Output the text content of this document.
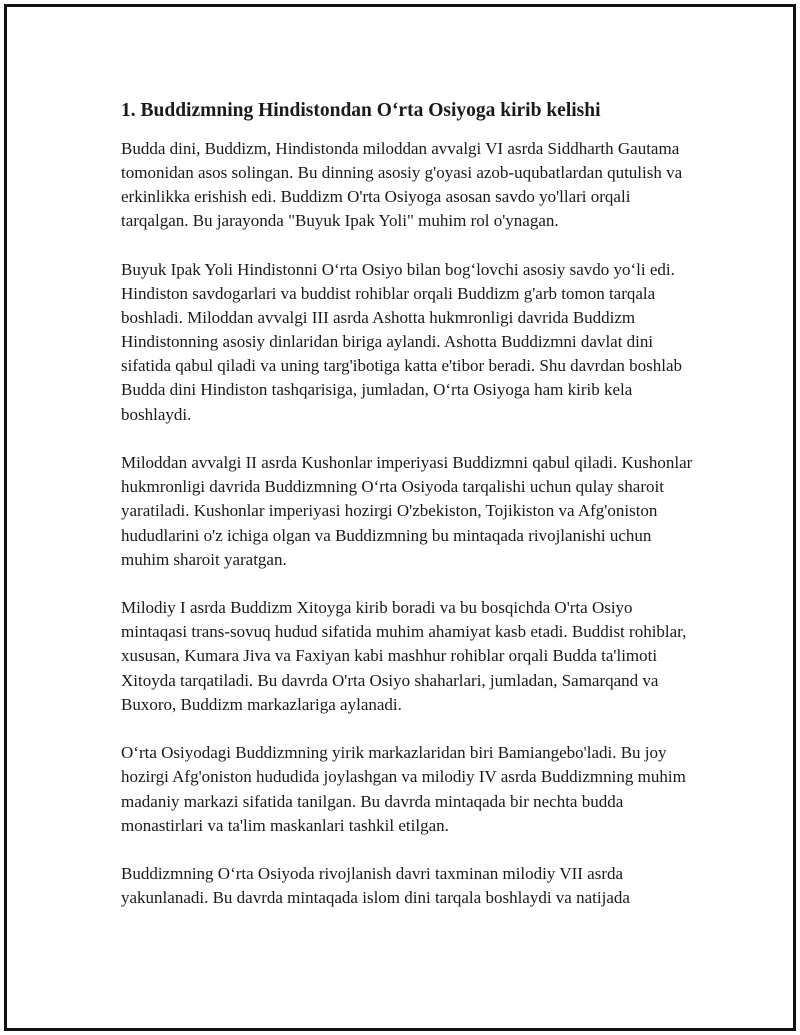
1. Buddizmning Hindistondan O‘rta Osiyoga kirib kelishi

Budda dini, Buddizm, Hindistonda miloddan avvalgi VI asrda Siddharth Gautama tomonidan asos solingan. Bu dinning asosiy g'oyasi azob-uqubatlardan qutulish va erkinlikka erishish edi. Buddizm O'rta Osiyoga asosan savdo yo'llari orqali tarqalgan. Bu jarayonda "Buyuk Ipak Yoli" muhim rol o'ynagan.

Buyuk Ipak Yoli Hindistonni O‘rta Osiyo bilan bog‘lovchi asosiy savdo yo‘li edi. Hindiston savdogarlari va buddist rohiblar orqali Buddizm g'arb tomon tarqala boshladi. Miloddan avvalgi III asrda Ashotta hukmronligi davrida Buddizm Hindistonning asosiy dinlaridan biriga aylandi. Ashotta Buddizmni davlat dini sifatida qabul qiladi va uning targ'ibotiga katta e'tibor beradi. Shu davrdan boshlab Budda dini Hindiston tashqarisiga, jumladan, O‘rta Osiyoga ham kirib kela boshlaydi.

Miloddan avvalgi II asrda Kushonlar imperiyasi Buddizmni qabul qiladi. Kushonlar hukmronligi davrida Buddizmning O‘rta Osiyoda tarqalishi uchun qulay sharoit yaratiladi. Kushonlar imperiyasi hozirgi O'zbekiston, Tojikiston va Afg'oniston hududlarini o'z ichiga olgan va Buddizmning bu mintaqada rivojlanishi uchun muhim sharoit yaratgan.

Milodiy I asrda Buddizm Xitoyga kirib boradi va bu bosqichda O'rta Osiyo mintaqasi trans-sovuq hudud sifatida muhim ahamiyat kasb etadi. Buddist rohiblar, xususan, Kumara Jiva va Faxiyan kabi mashhur rohiblar orqali Budda ta'limoti Xitoyda tarqatiladi. Bu davrda O'rta Osiyo shaharlari, jumladan, Samarqand va Buxoro, Buddizm markazlariga aylanadi.

O‘rta Osiyodagi Buddizmning yirik markazlaridan biri Bamiangebo'ladi. Bu joy hozirgi Afg'oniston hududida joylashgan va milodiy IV asrda Buddizmning muhim madaniy markazi sifatida tanilgan. Bu davrda mintaqada bir nechta budda monastirlari va ta'lim maskanlari tashkil etilgan.

Buddizmning O‘rta Osiyoda rivojlanish davri taxminan milodiy VII asrda yakunlanadi. Bu davrda mintaqada islom dini tarqala boshlaydi va natijada
